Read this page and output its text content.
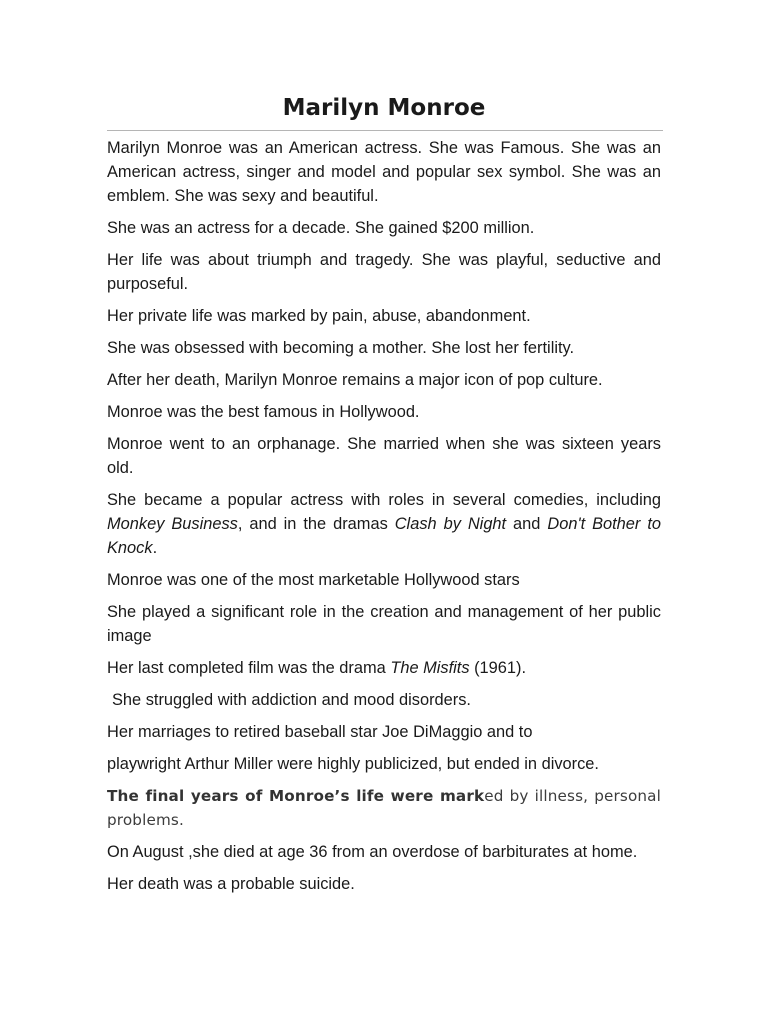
Marilyn Monroe

Marilyn Monroe was an American actress. She was Famous. She was an American actress, singer and model and popular sex symbol. She was an emblem. She was sexy and beautiful.

She was an actress for a decade. She gained $200 million.

Her life was about triumph and tragedy. She was playful, seductive and purposeful.

Her private life was marked by pain, abuse, abandonment.

She was obsessed with becoming a mother. She lost her fertility.

After her death, Marilyn Monroe remains a major icon of pop culture.

Monroe was the best famous in Hollywood.

Monroe went to an orphanage. She married when she was sixteen years old.

She became a popular actress with roles in several comedies, including Monkey Business, and in the dramas Clash by Night and Don't Bother to Knock.

Monroe was one of the most marketable Hollywood stars

She played a significant role in the creation and management of her public image

Her last completed film was the drama The Misfits (1961).

She struggled with addiction and mood disorders.

Her marriages to retired baseball star Joe DiMaggio and to

playwright Arthur Miller were highly publicized, but ended in divorce.

The final years of Monroe’s life were marked by illness, personal problems.

On August ,she died at age 36 from an overdose of barbiturates at home.

Her death was a probable suicide.
